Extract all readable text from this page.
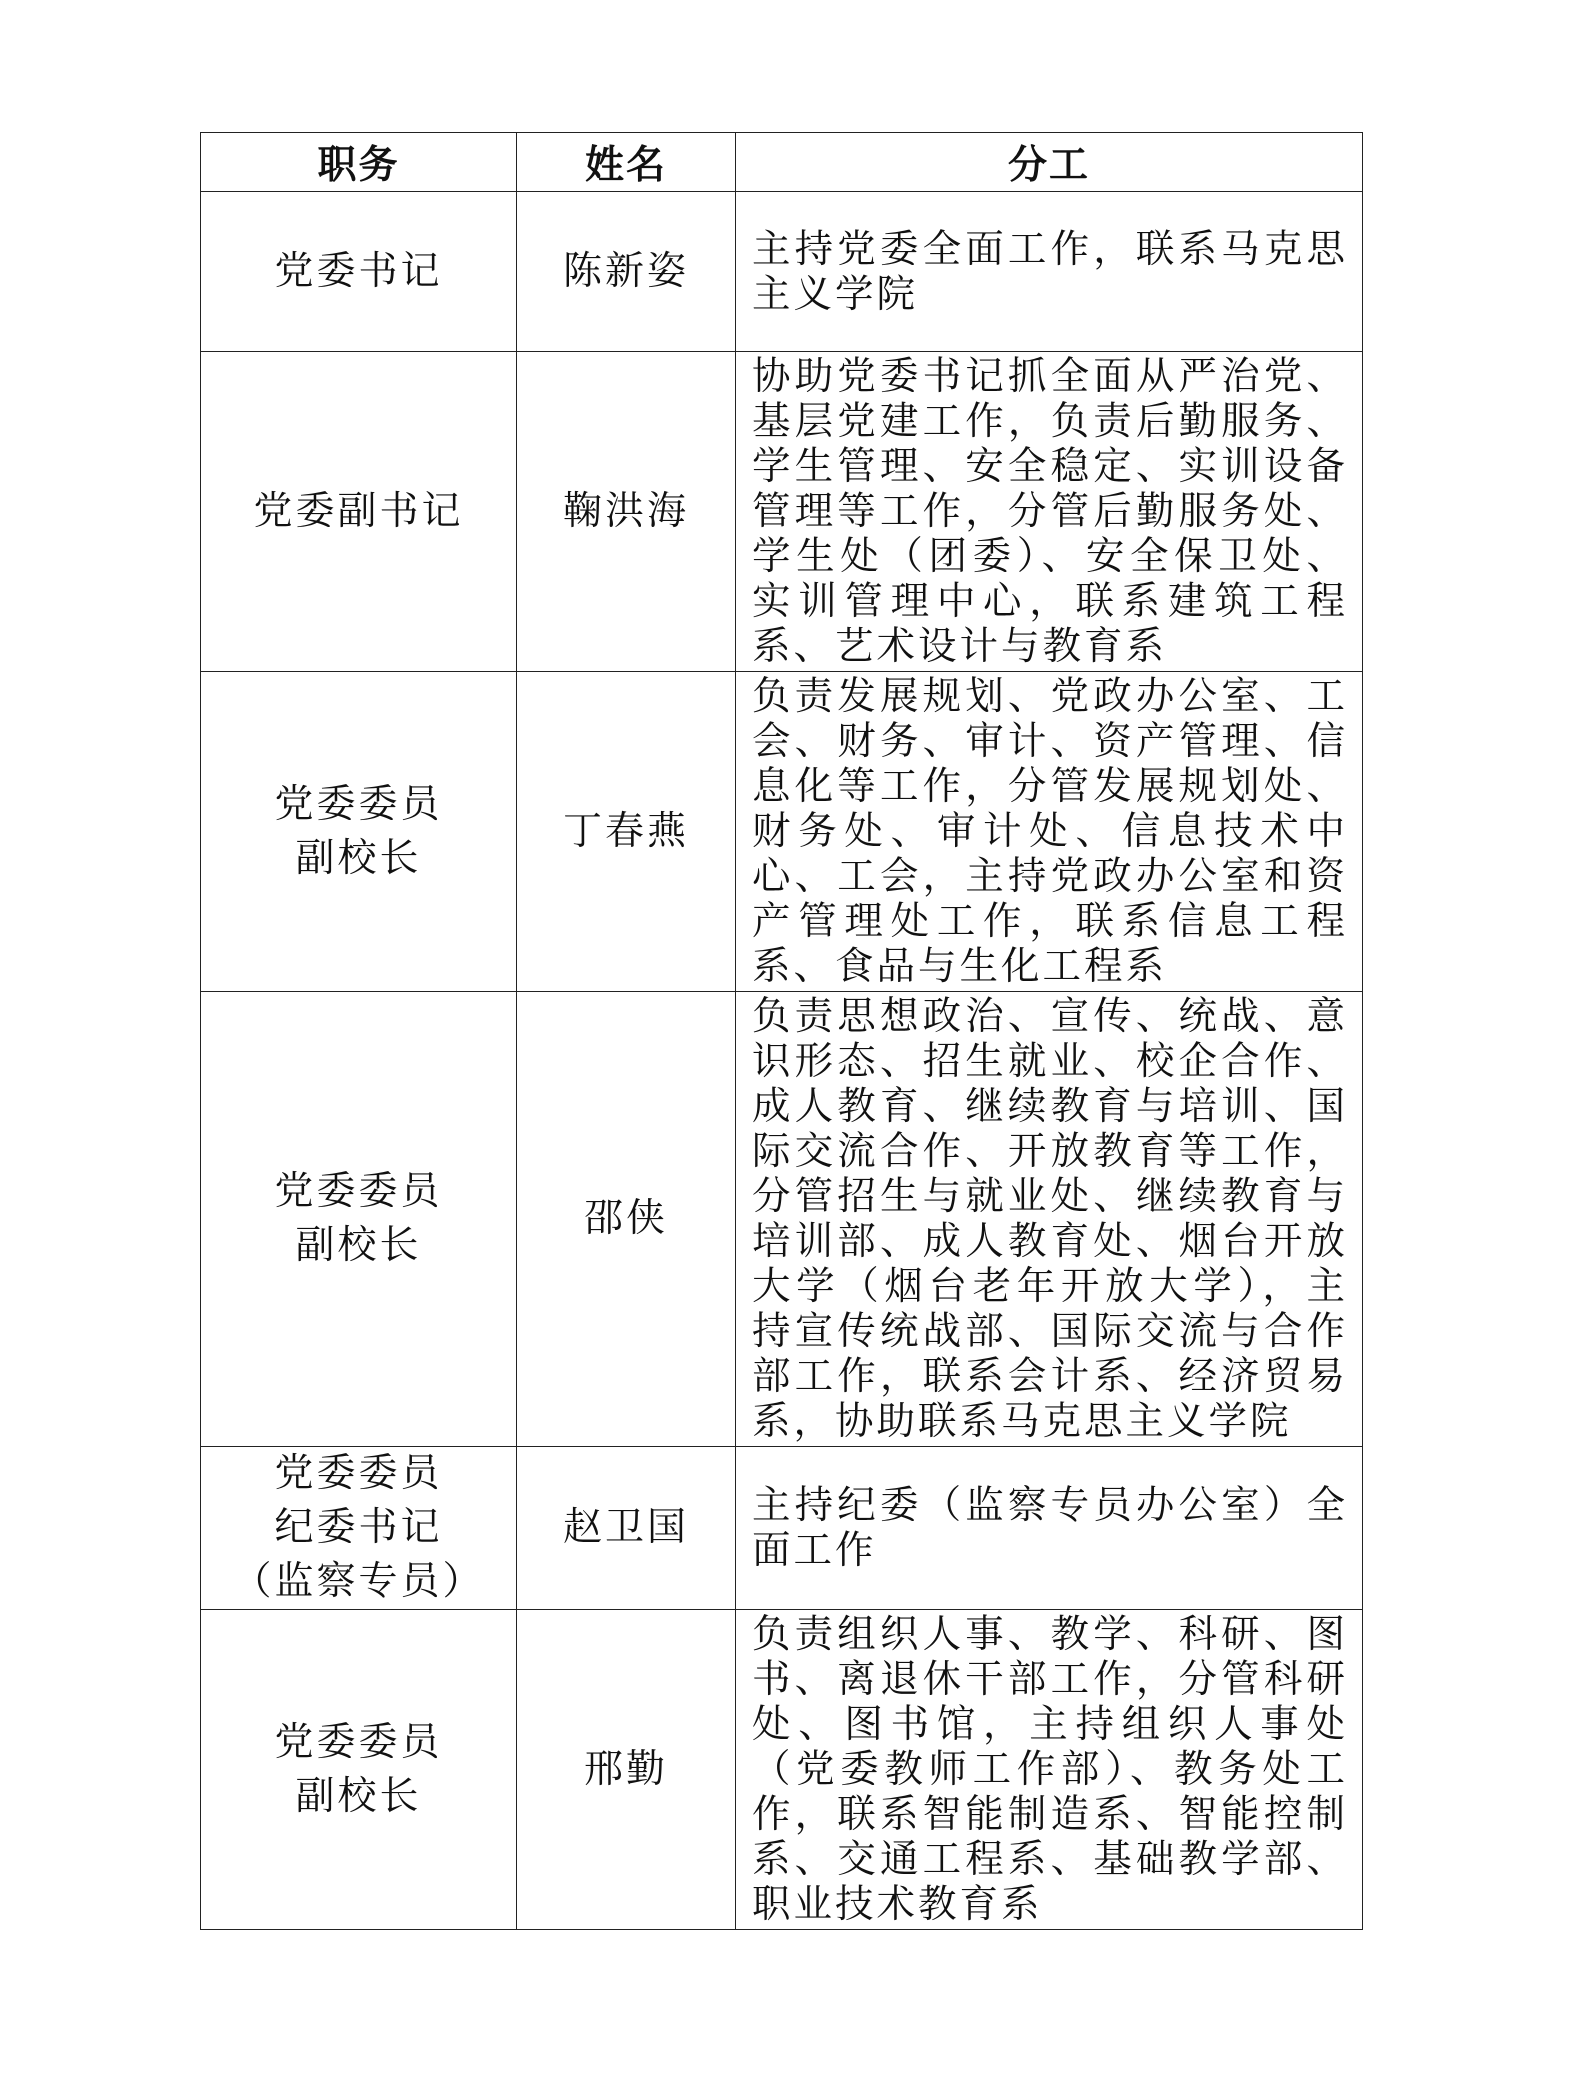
职务	姓名	分工

党委书记	陈新姿	主持党委全面工作，联系马克思主义学院

党委副书记	鞠洪海	协助党委书记抓全面从严治党、基层党建工作，负责后勤服务、学生管理、安全稳定、实训设备管理等工作，分管后勤服务处、学生处（团委）、安全保卫处、实训管理中心，联系建筑工程系、艺术设计与教育系

党委委员
副校长	丁春燕	负责发展规划、党政办公室、工会、财务、审计、资产管理、信息化等工作，分管发展规划处、财务处、审计处、信息技术中心、工会，主持党政办公室和资产管理处工作，联系信息工程系、食品与生化工程系

党委委员
副校长	邵侠	负责思想政治、宣传、统战、意识形态、招生就业、校企合作、成人教育、继续教育与培训、国际交流合作、开放教育等工作，分管招生与就业处、继续教育与培训部、成人教育处、烟台开放大学（烟台老年开放大学），主持宣传统战部、国际交流与合作部工作，联系会计系、经济贸易系，协助联系马克思主义学院

党委委员
纪委书记
（监察专员）	赵卫国	主持纪委（监察专员办公室）全面工作

党委委员
副校长	邢勤	负责组织人事、教学、科研、图书、离退休干部工作，分管科研处、图书馆，主持组织人事处（党委教师工作部）、教务处工作，联系智能制造系、智能控制系、交通工程系、基础教学部、职业技术教育系
